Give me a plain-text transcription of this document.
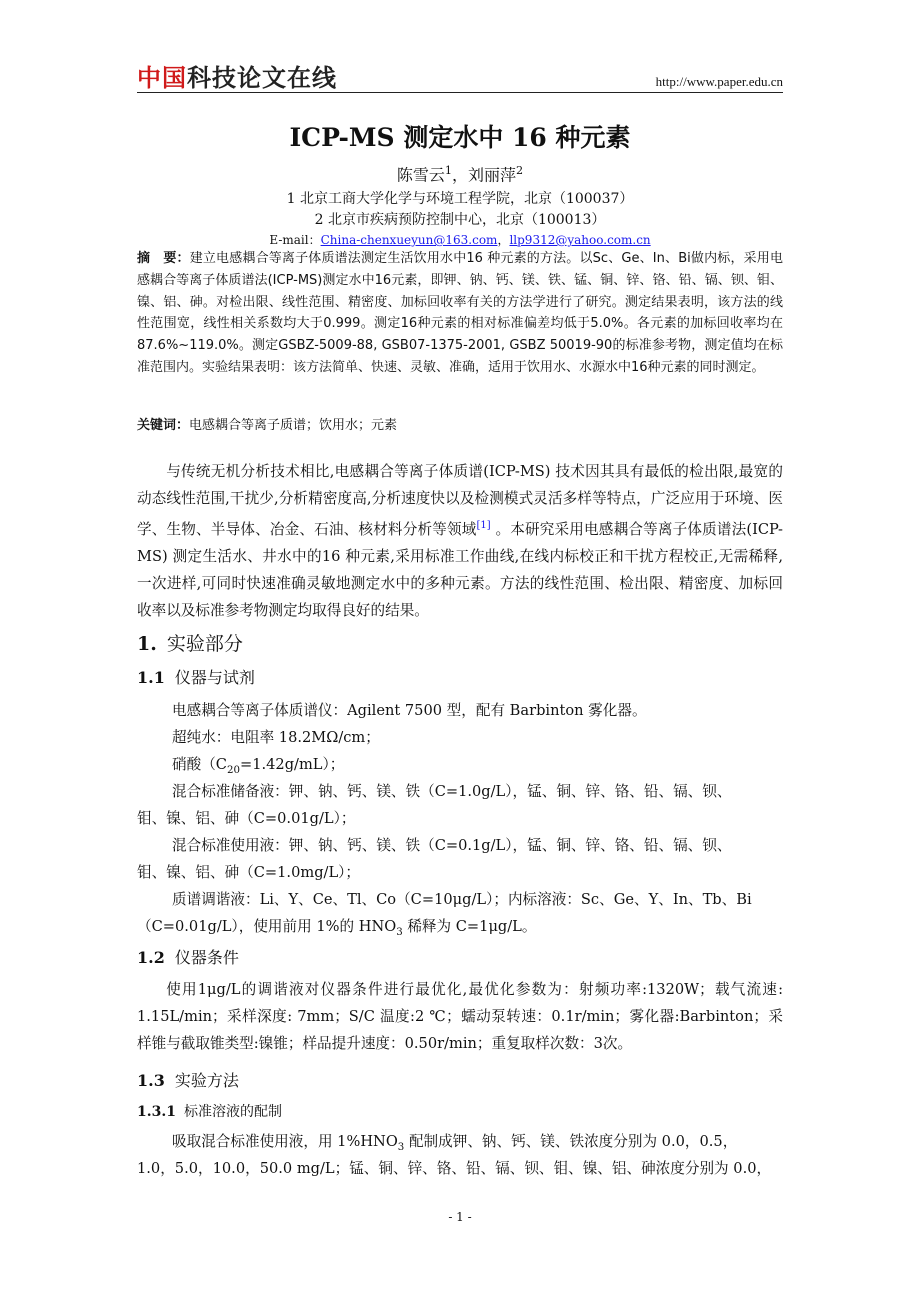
中国科技论文在线	http://www.paper.edu.cn
ICP-MS 测定水中 16 种元素
陈雪云$^1$，刘丽萍$^2$
1 北京工商大学化学与环境工程学院，北京（100037）
2 北京市疾病预防控制中心，北京（100013）
E-mail：China-chenxueyun@163.com，llp9312@yahoo.com.cn
摘　要：建立电感耦合等离子体质谱法测定生活饮用水中16 种元素的方法。以Sc、Ge、In、Bi做内标，采用电感耦合等离子体质谱法(ICP-MS)测定水中16元素，即钾、钠、钙、镁、铁、锰、铜、锌、铬、铅、镉、钡、钼、镍、铝、砷。对检出限、线性范围、精密度、加标回收率有关的方法学进行了研究。测定结果表明，该方法的线性范围宽，线性相关系数均大于0.999。测定16种元素的相对标准偏差均低于5.0%。各元素的加标回收率均在87.6%~119.0%。测定GSBZ-5009-88, GSB07-1375-2001, GSBZ 50019-90的标准参考物，测定值均在标准范围内。实验结果表明：该方法简单、快速、灵敏、准确，适用于饮用水、水源水中16种元素的同时测定。
关键词：电感耦合等离子质谱；饮用水；元素
与传统无机分析技术相比,电感耦合等离子体质谱(ICP-MS) 技术因其具有最低的检出限,最宽的动态线性范围,干扰少,分析精密度高,分析速度快以及检测模式灵活多样等特点，广泛应用于环境、医学、生物、半导体、冶金、石油、核材料分析等领域[1] 。本研究采用电感耦合等离子体质谱法(ICP-MS) 测定生活水、井水中的16 种元素,采用标准工作曲线,在线内标校正和干扰方程校正,无需稀释,一次进样,可同时快速准确灵敏地测定水中的多种元素。方法的线性范围、检出限、精密度、加标回收率以及标准参考物测定均取得良好的结果。
1. 实验部分
1.1 仪器与试剂
电感耦合等离子体质谱仪：Agilent 7500 型，配有 Barbinton 雾化器。
超纯水：电阻率 18.2MΩ/cm；
硝酸$(C_{20}=1.42g/mL)$；
混合标准储备液：钾、钠、钙、镁、铁（C=1.0g/L），锰、铜、锌、铬、铅、镉、钡、
钼、镍、铝、砷（C=0.01g/L）；
混合标准使用液：钾、钠、钙、镁、铁（C=0.1g/L），锰、铜、锌、铬、铅、镉、钡、
钼、镍、铝、砷（C=1.0mg/L）；
质谱调谐液：Li、Y、Ce、Tl、Co（C=10μg/L）；内标溶液：Sc、Ge、Y、In、Tb、Bi
（C=0.01g/L），使用前用 1%的 $HNO_3$ 稀释为 C=1μg/L。
1.2 仪器条件
使用1μg/L的调谐液对仪器条件进行最优化,最优化参数为：射频功率:1320W；载气流速: 1.15L/min；采样深度: 7mm；S/C 温度:2 ℃；蠕动泵转速：0.1r/min；雾化器:Barbinton；采样锥与截取锥类型:镍锥；样品提升速度：0.50r/min；重复取样次数：3次。
1.3 实验方法
1.3.1 标准溶液的配制
吸取混合标准使用液，用 $1\%HNO_3$ 配制成钾、钠、钙、镁、铁浓度分别为 0.0，0.5，
1.0，5.0，10.0，50.0 mg/L；锰、铜、锌、铬、铅、镉、钡、钼、镍、铝、砷浓度分别为 0.0，
- 1 -
